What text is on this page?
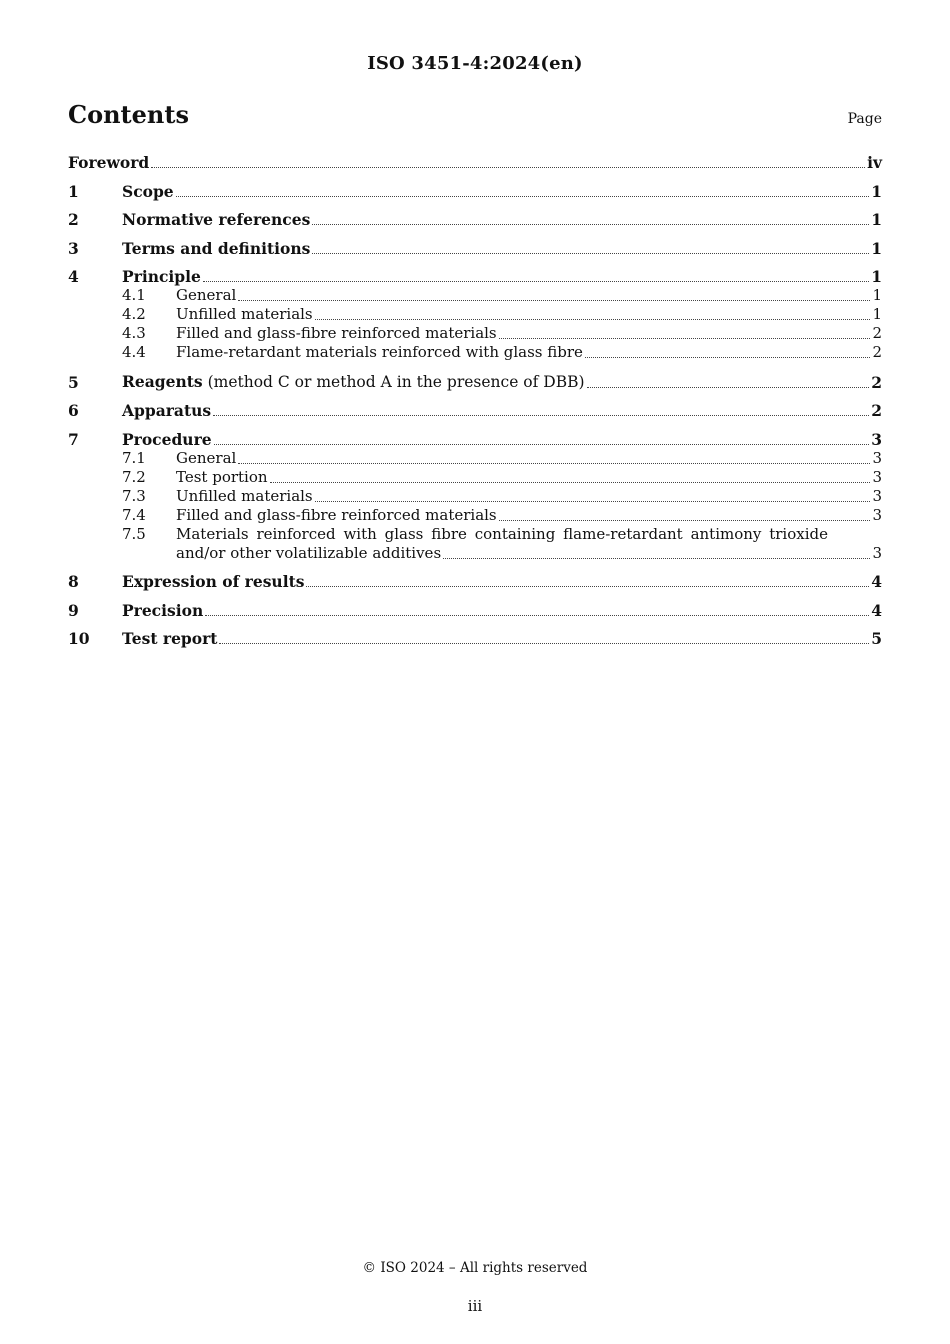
ISO 3451-4:2024(en)
Contents	Page
Foreword	iv
1	Scope	1
2	Normative references	1
3	Terms and definitions	1
4	Principle	1
4.1	General	1
4.2	Unfilled materials	1
4.3	Filled and glass-fibre reinforced materials	2
4.4	Flame-retardant materials reinforced with glass fibre	2
5	Reagents (method C or method A in the presence of DBB)	2
6	Apparatus	2
7	Procedure	3
7.1	General	3
7.2	Test portion	3
7.3	Unfilled materials	3
7.4	Filled and glass-fibre reinforced materials	3
7.5	Materials reinforced with glass fibre containing flame-retardant antimony trioxide
and/or other volatilizable additives	3
8	Expression of results	4
9	Precision	4
10	Test report	5
© ISO 2024 – All rights reserved
iii
